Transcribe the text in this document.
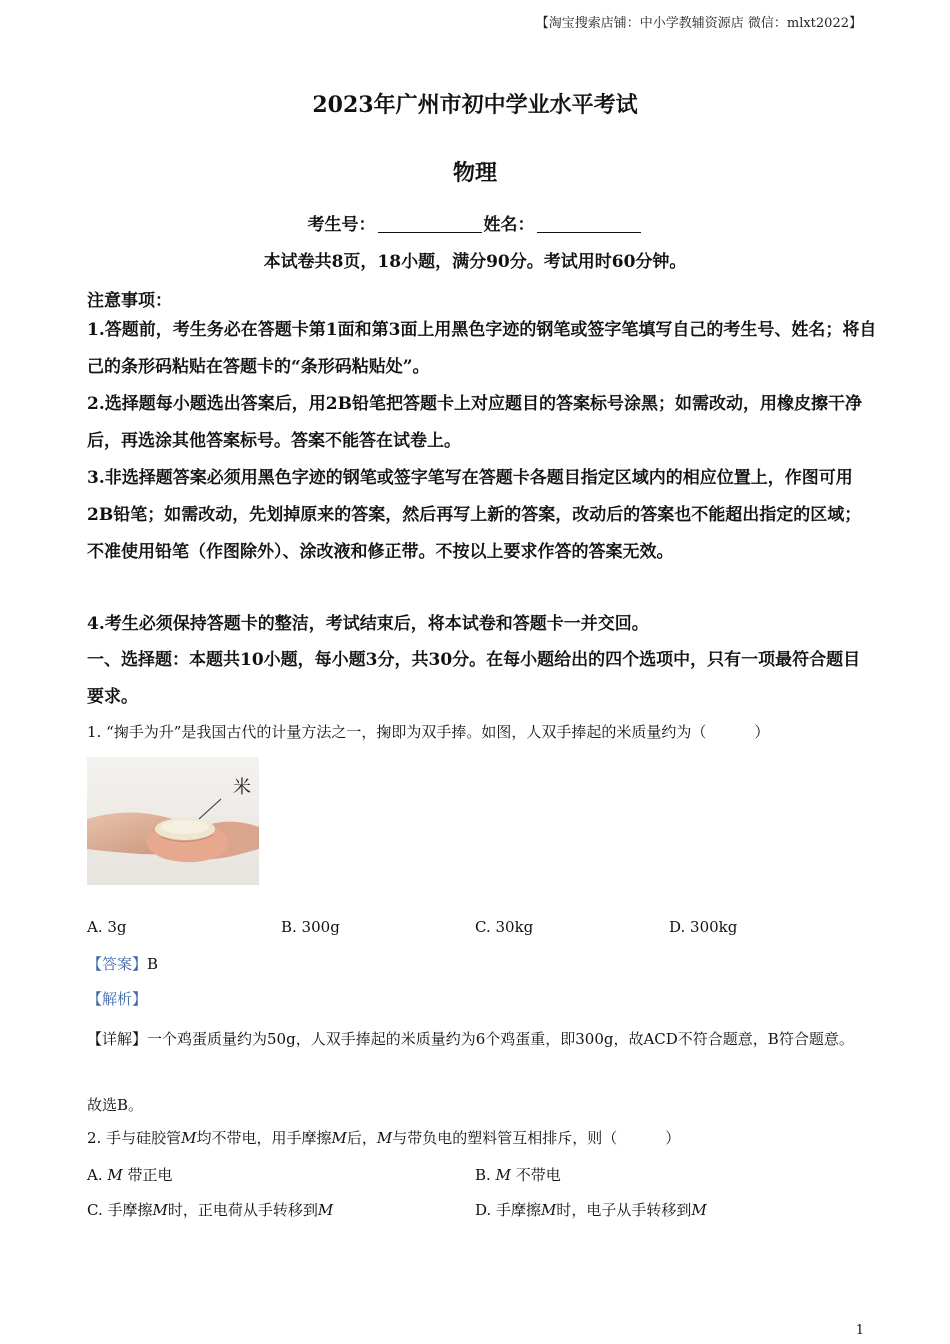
【淘宝搜索店铺：中小学教辅资源店 微信：mlxt2022】
2023年广州市初中学业水平考试
物理
考生号：	姓名：
本试卷共8页，18小题，满分90分。考试用时60分钟。
注意事项：
1.答题前，考生务必在答题卡第1面和第3面上用黑色字迹的钢笔或签字笔填写自己的考生号、姓名；将自己的条形码粘贴在答题卡的“条形码粘贴处”。
2.选择题每小题选出答案后，用2B铅笔把答题卡上对应题目的答案标号涂黑；如需改动，用橡皮擦干净后，再选涂其他答案标号。答案不能答在试卷上。
3.非选择题答案必须用黑色字迹的钢笔或签字笔写在答题卡各题目指定区域内的相应位置上，作图可用2B铅笔；如需改动，先划掉原来的答案，然后再写上新的答案，改动后的答案也不能超出指定的区域；不准使用铅笔（作图除外）、涂改液和修正带。不按以上要求作答的答案无效。
4.考生必须保持答题卡的整洁，考试结束后，将本试卷和答题卡一并交回。
一、选择题：本题共10小题，每小题3分，共30分。在每小题给出的四个选项中，只有一项最符合题目要求。
1. “掬手为升”是我国古代的计量方法之一，掬即为双手捧。如图，人双手捧起的米质量约为（	）
米
A. 3g	B. 300g	C. 30kg	D. 300kg
【答案】B
【解析】
【详解】一个鸡蛋质量约为50g，人双手捧起的米质量约为6个鸡蛋重，即300g，故ACD不符合题意，B符合题意。
故选B。
2. 手与硅胶管M均不带电，用手摩擦M后，M与带负电的塑料管互相排斥，则（	）
A. M 带正电	B. M 不带电
C. 手摩擦M时，正电荷从手转移到M	D. 手摩擦M时，电子从手转移到M
1
